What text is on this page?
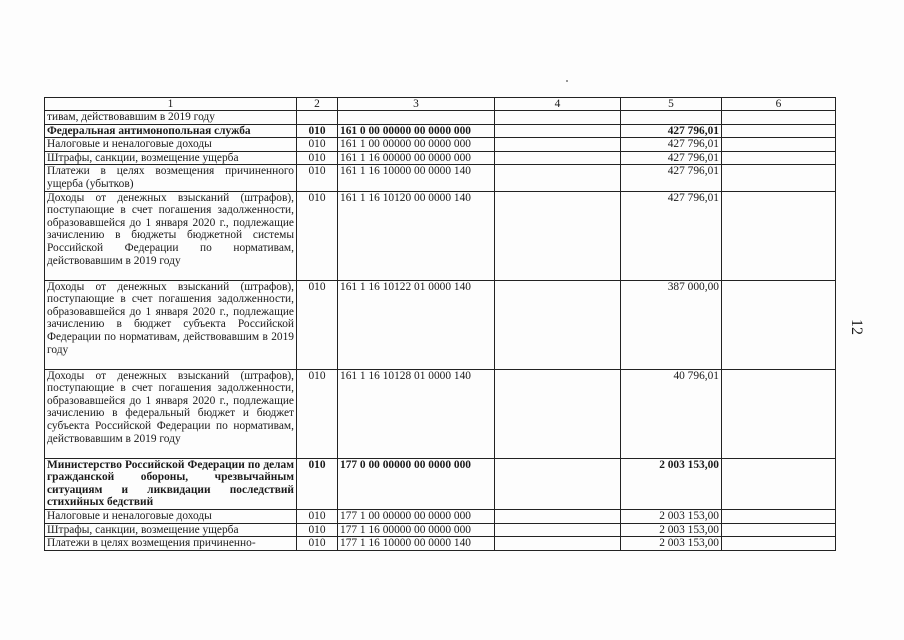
1	2	3	4	5	6
тивам, действовавшим в 2019 году					
Федеральная антимонопольная служба	010	161 0 00 00000 00 0000 000		427 796,01	
Налоговые и неналоговые доходы	010	161 1 00 00000 00 0000 000		427 796,01	
Штрафы, санкции, возмещение ущерба	010	161 1 16 00000 00 0000 000		427 796,01	
Платежи в целях возмещения причиненного ущерба (убытков)	010	161 1 16 10000 00 0000 140		427 796,01	
Доходы от денежных взысканий (штрафов), поступающие в счет погашения задолженности, образовавшейся до 1 января 2020 г., подлежащие зачислению в бюджеты бюджетной системы Российской Федерации по нормативам, действовавшим в 2019 году	010	161 1 16 10120 00 0000 140		427 796,01	
Доходы от денежных взысканий (штрафов), поступающие в счет погашения задолженности, образовавшейся до 1 января 2020 г., подлежащие зачислению в бюджет субъекта Российской Федерации по нормативам, действовавшим в 2019 году	010	161 1 16 10122 01 0000 140		387 000,00	
Доходы от денежных взысканий (штрафов), поступающие в счет погашения задолженности, образовавшейся до 1 января 2020 г., подлежащие зачислению в федеральный бюджет и бюджет субъекта Российской Федерации по нормативам, действовавшим в 2019 году	010	161 1 16 10128 01 0000 140		40 796,01	
Министерство Российской Федерации по делам гражданской обороны, чрезвычайным ситуациям и ликвидации последствий стихийных бедствий	010	177 0 00 00000 00 0000 000		2 003 153,00	
Налоговые и неналоговые доходы	010	177 1 00 00000 00 0000 000		2 003 153,00	
Штрафы, санкции, возмещение ущерба	010	177 1 16 00000 00 0000 000		2 003 153,00	
Платежи в целях возмещения причиненно-	010	177 1 16 10000 00 0000 140		2 003 153,00	
12
